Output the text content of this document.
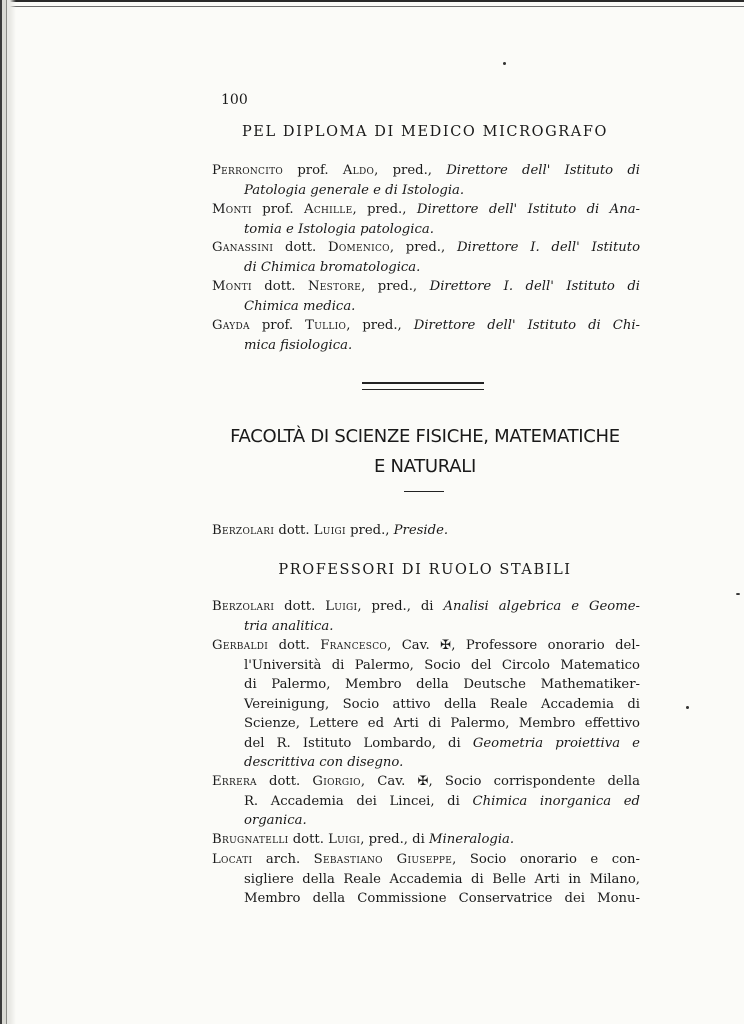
100
PEL DIPLOMA DI MEDICO MICROGRAFO
Perroncito prof. Aldo, pred., Direttore dell' Istituto di
Patologia generale e di Istologia.
Monti prof. Achille, pred., Direttore dell' Istituto di Ana-
tomia e Istologia patologica.
Ganassini dott. Domenico, pred., Direttore I. dell' Istituto
di Chimica bromatologica.
Monti dott. Nestore, pred., Direttore I. dell' Istituto di
Chimica medica.
Gayda prof. Tullio, pred., Direttore dell' Istituto di Chi-
mica fisiologica.
FACOLTÀ DI SCIENZE FISICHE, MATEMATICHE
E NATURALI
Berzolari dott. Luigi pred., Preside.
PROFESSORI DI RUOLO STABILI
Berzolari dott. Luigi, pred., di Analisi algebrica e Geome-
tria analitica.
Gerbaldi dott. Francesco, Cav. ✠, Professore onorario del-
l'Università di Palermo, Socio del Circolo Matematico
di Palermo, Membro della Deutsche Mathematiker-
Vereinigung, Socio attivo della Reale Accademia di
Scienze, Lettere ed Arti di Palermo, Membro effettivo
del R. Istituto Lombardo, di Geometria proiettiva e
descrittiva con disegno.
Errera dott. Giorgio, Cav. ✠, Socio corrispondente della
R. Accademia dei Lincei, di Chimica inorganica ed
organica.
Brugnatelli dott. Luigi, pred., di Mineralogia.
Locati arch. Sebastiano Giuseppe, Socio onorario e con-
sigliere della Reale Accademia di Belle Arti in Milano,
Membro della Commissione Conservatrice dei Monu-
